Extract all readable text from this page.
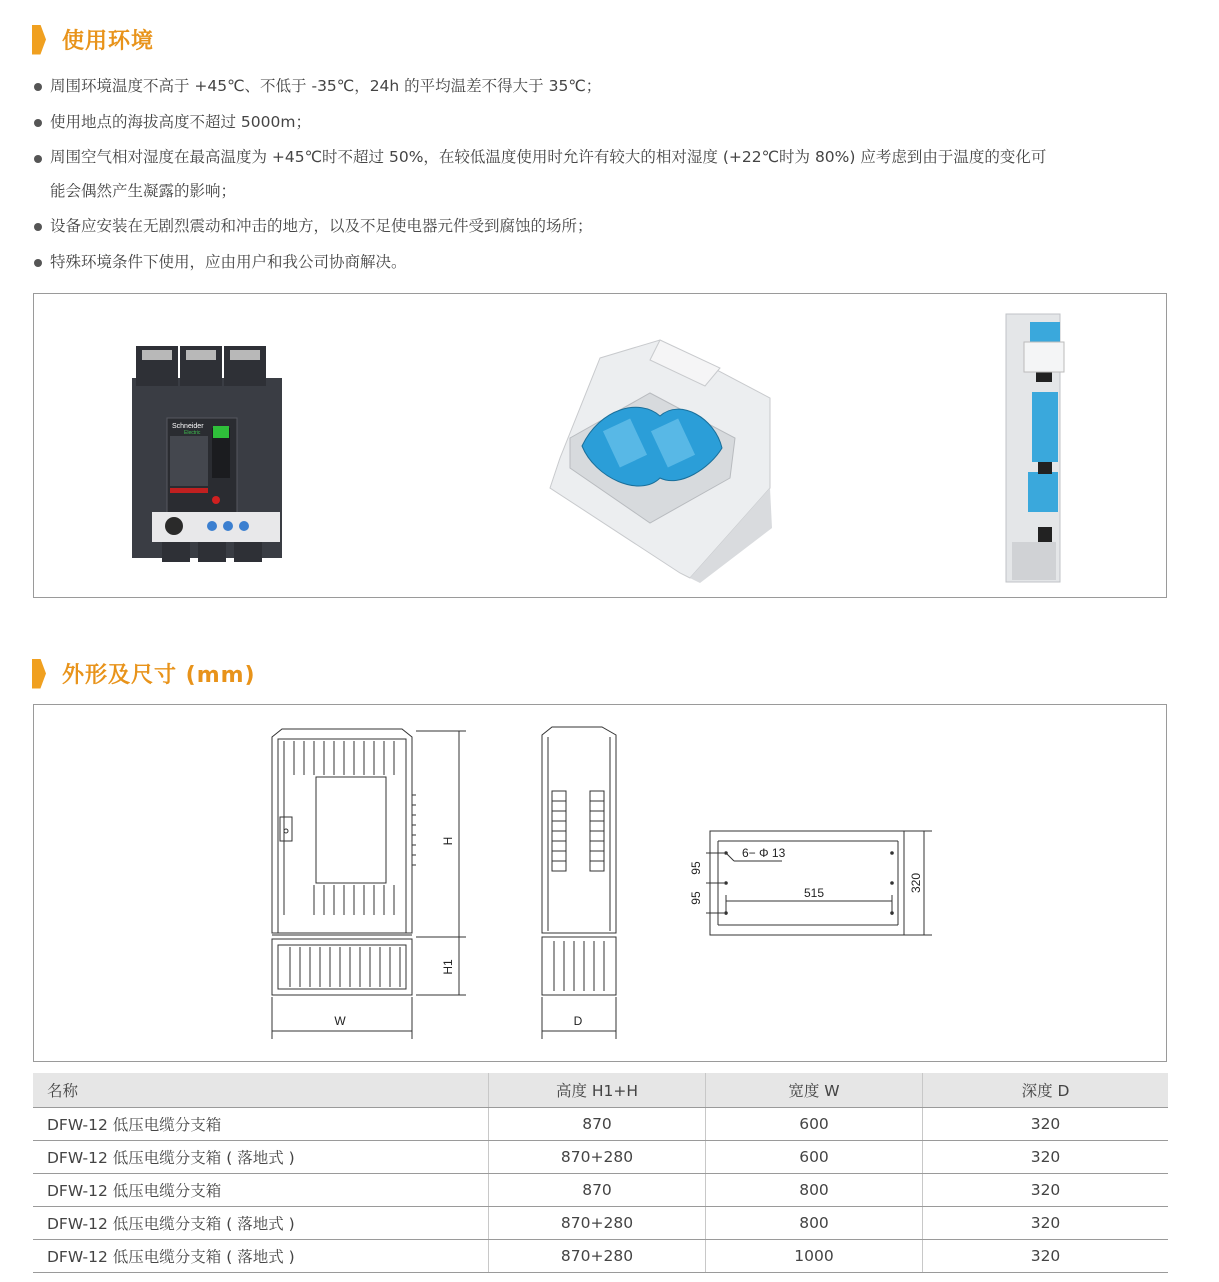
使用环境
周围环境温度不高于 +45℃、不低于 -35℃，24h 的平均温差不得大于 35℃；
使用地点的海拔高度不超过 5000m；
周围空气相对湿度在最高温度为 +45℃时不超过 50%，在较低温度使用时允许有较大的相对湿度 (+22℃时为 80%) 应考虑到由于温度的变化可
能会偶然产生凝露的影响；
设备应安装在无剧烈震动和冲击的地方，以及不足使电器元件受到腐蚀的场所；
特殊环境条件下使用，应由用户和我公司协商解决。
Schneider
Electric
外形及尺寸 (mm)
H
H1
W	D
6− Φ 13
95
95	515	320
名称	高度 H1+H	宽度 W	深度 D
DFW-12 低压电缆分支箱	870	600	320
DFW-12 低压电缆分支箱 ( 落地式 )	870+280	600	320
DFW-12 低压电缆分支箱	870	800	320
DFW-12 低压电缆分支箱 ( 落地式 )	870+280	800	320
DFW-12 低压电缆分支箱 ( 落地式 )	870+280	1000	320
